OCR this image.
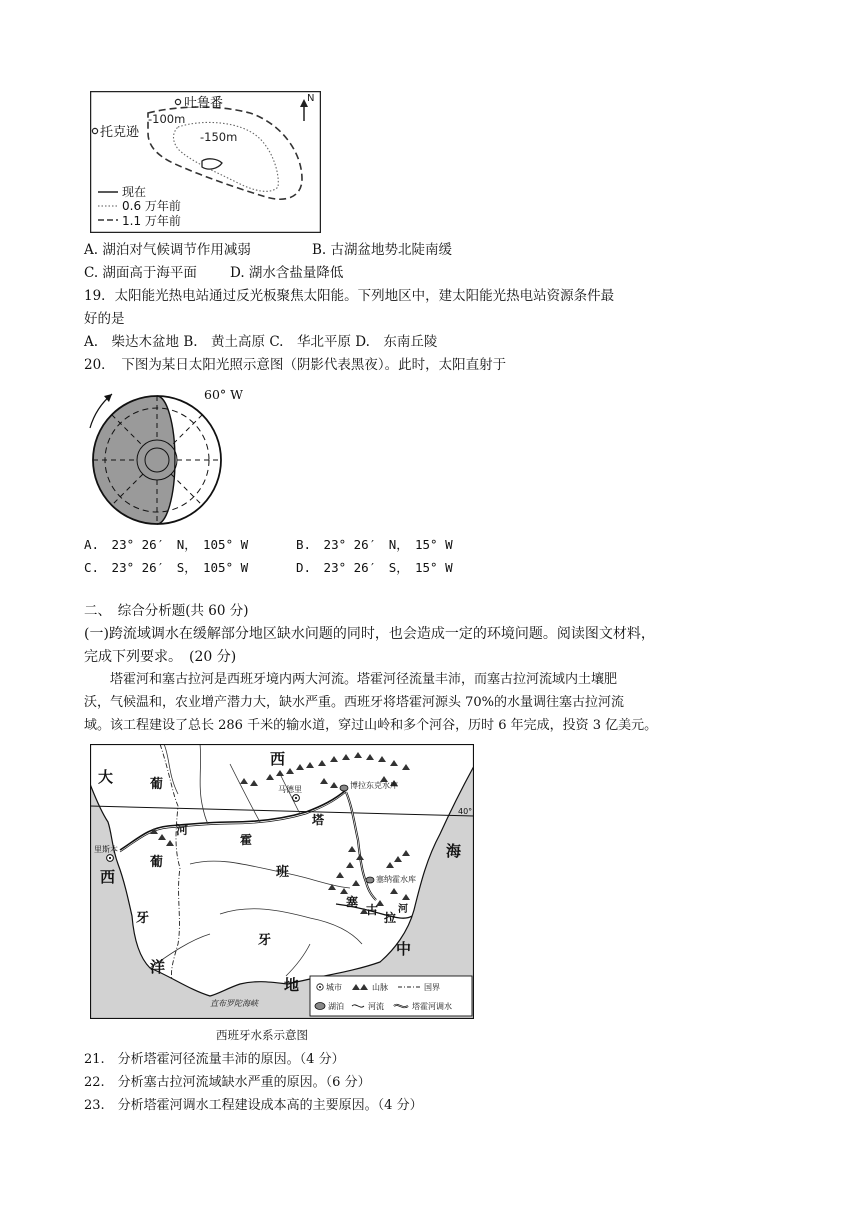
吐鲁番
托克逊
-100m
-150m
N
现在
0.6 万年前
1.1 万年前
A. 湖泊对气候调节作用减弱	B. 古湖盆地势北陡南缓
C. 湖面高于海平面 D. 湖水含盐量降低
19．太阳能光热电站通过反光板聚焦太阳能。下列地区中，建太阳能光热电站资源条件最
好的是
A.　柴达木盆地 B.　黄土高原 C.　华北平原 D.　东南丘陵
20．　下图为某日太阳光照示意图（阴影代表黑夜）。此时，太阳直射于
60° W
A.　23° 26′　N，　105° W	B.　23° 26′　N，　15° W
C.　23° 26′　S，　105° W	D.　23° 26′　S，　15° W
二、　综合分析题(共 60 分)
(一)跨流域调水在缓解部分地区缺水问题的同时，也会造成一定的环境问题。阅读图文材料，
完成下列要求。　(20 分)
塔霍河和塞古拉河是西班牙境内两大河流。塔霍河径流量丰沛，而塞古拉河流域内土壤肥
沃，气候温和，农业增产潜力大，缺水严重。西班牙将塔霍河源头 70%的水量调往塞古拉河流
域。该工程建设了总长 286 千米的输水道，穿过山岭和多个河谷，历时 6 年完成，投资 3 亿美元。
大	葡
葡
西
牙
洋
西
班
牙
海
中
地
河
霍
塔
塞
古
拉
河
马德里
里斯本
博拉东克水库
塞纳霍水库
40°
直布罗陀海峡
城市	山脉	国界
湖泊	河流	塔霍河调水
西班牙水系示意图
21.　分析塔霍河径流量丰沛的原因。（4 分）
22.　分析塞古拉河流域缺水严重的原因。（6 分）
23.　分析塔霍河调水工程建设成本高的主要原因。（4 分）
